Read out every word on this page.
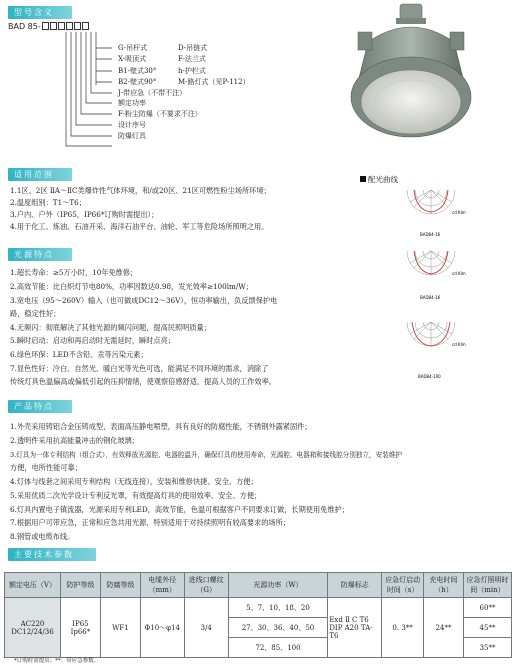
型号含义
BAD 85-
G-吊杆式	D-吊链式
X-吸顶式	F-法兰式
B1-壁式30°	h-护栏式
B2-壁式90°	M-路灯式（见P-112）
J-带应急（不带不注）
额定功率
F-粉尘防爆（不要求不注）
设计序号
防爆灯具
适用范围
1.1区、2区 ⅡA～ⅡC类爆炸性气体环境，和/或20区、21区可燃性粉尘场所环境；
2.温度组别：T1～T6；
3.户内、户外（IP65，IP66*订购时需提出）；
4.用于化工、炼油、石油开采、海洋石油平台、油轮、军工等危险场所照明之用。
配光曲线
BAD84-16
cd Klm
BAD84-16
cd Klm
BAD84-100
cd Klm
光源特点
1.超长寿命：≥5万小时，10年免维修；
2.高效节能：比白炽灯节电80%，功率因数达0.98，发光效率≥100lm/W；
3.宽电压（95～260V）输入（也可做成DC12～36V），恒功率输出，负反馈保护电
路，稳定性好；
4.无频闪：彻底解决了其他光源的频闪问题，提高民照明质量；
5.瞬时启动：启动和再启动时无需延时，瞬时点亮；
6.绿色环保：LED不含铅、汞等污染元素；
7.显色性好：冷白、自然光、暖白光等光色可选，能满足不同环境的需求，消除了
传统灯具色温偏高或偏低引起的压抑情绪，使观察倍感舒适，提高人员的工作效率。
产品特点
1.外壳采用铸铝合金压铸成型，表面高压静电喷塑，具有良好的防腐性能，不锈钢外露紧固件；
2.透明件采用抗高能量冲击的钢化玻璃；
3.灯具为一体专利结构（组合式），有效释放光源腔、电器腔温升，确保灯具的使用寿命，光源腔、电器箱和接线腔分别独立，安装维护
方便，电所性能可靠；
4.灯体与线套之间采用专利结构（无线连接），安装和维修快捷、安全、方便；
5.采用优质二次光学设计专利反光罩，有效提高灯具的使用效率、安全、方便；
6.灯具内置电子镇流器，光源采用专利LED，高效节能，色温可根据客户不同要求订做，长期使用免维护；
7.根据用户可带应急，正常和应急共用光源，特别适用于对持续照明有较高要求的场所；
8.钢管或电缆布线。
主要技术参数
额定电压（V）	防护等级	防腐等级	电缆外径（mm）	进线口螺纹（G）	光源功率（W）	防爆标志	应急灯启动时间（s）	充电时间（h）	应急灯照明时间（min）
AC220
DC12/24/36	IP65
Ip66*	WF1	Φ10～φ14	3/4	5、7、10、18、20	Exd Ⅱ C T6
DIP A20 TA-
T6	0. 3**	24**	60**
					27、30、36、40、50				45**
					72、85、100				35**
*订购时需提出；**：带应急参数。
